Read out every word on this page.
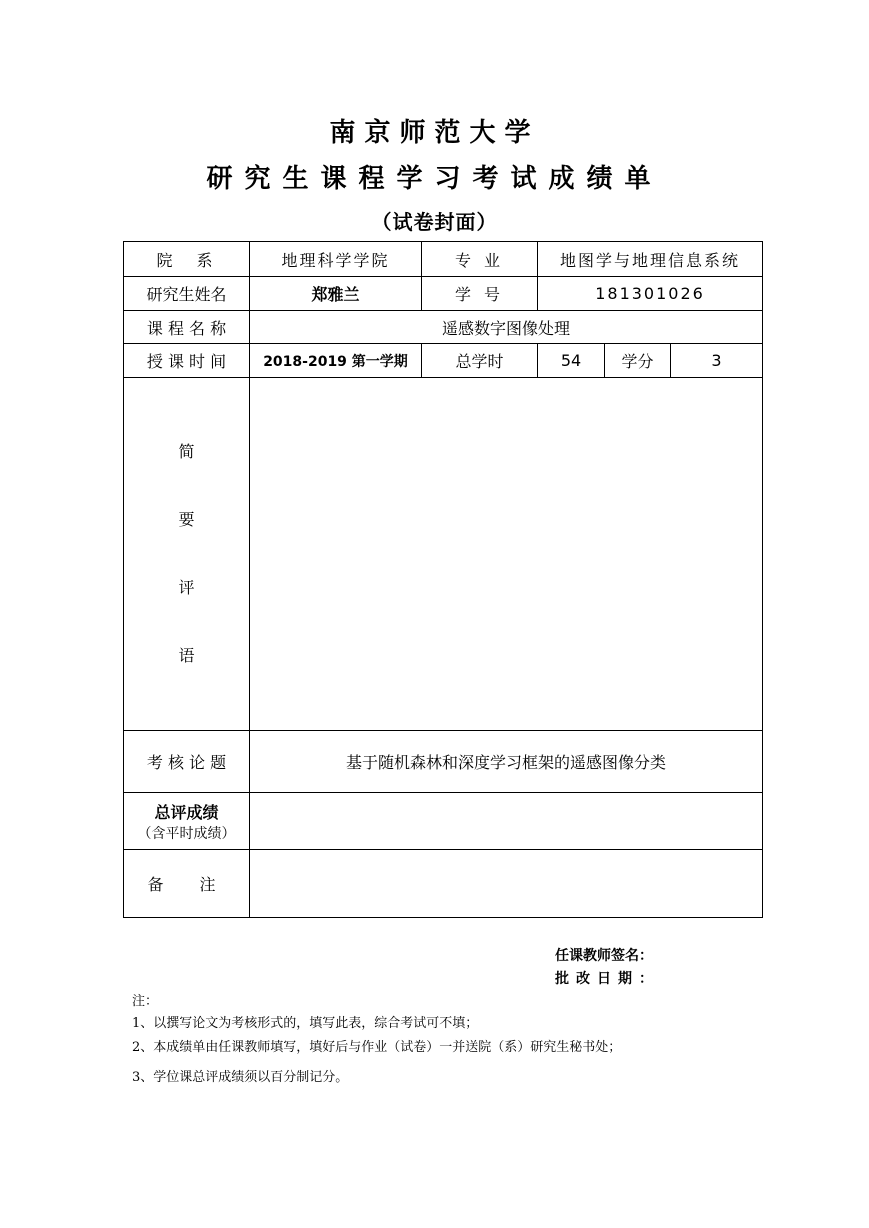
南京师范大学
研究生课程学习考试成绩单
（试卷封面）
院　系	地理科学学院	专 业	地图学与地理信息系统		
研究生姓名	郑雅兰	学 号	181301026		
课 程 名 称	遥感数字图像处理				
授 课 时 间	2018-2019 第一学期	总学时	54	学分	3

简
要
评
语					

考 核 论 题	基于随机森林和深度学习框架的遥感图像分类				

总评成绩
（含平时成绩）					

备　注					
任课教师签名：
批改日期：
注：
1、以撰写论文为考核形式的，填写此表，综合考试可不填；
2、本成绩单由任课教师填写，填好后与作业（试卷）一并送院（系）研究生秘书处；
3、学位课总评成绩须以百分制记分。
